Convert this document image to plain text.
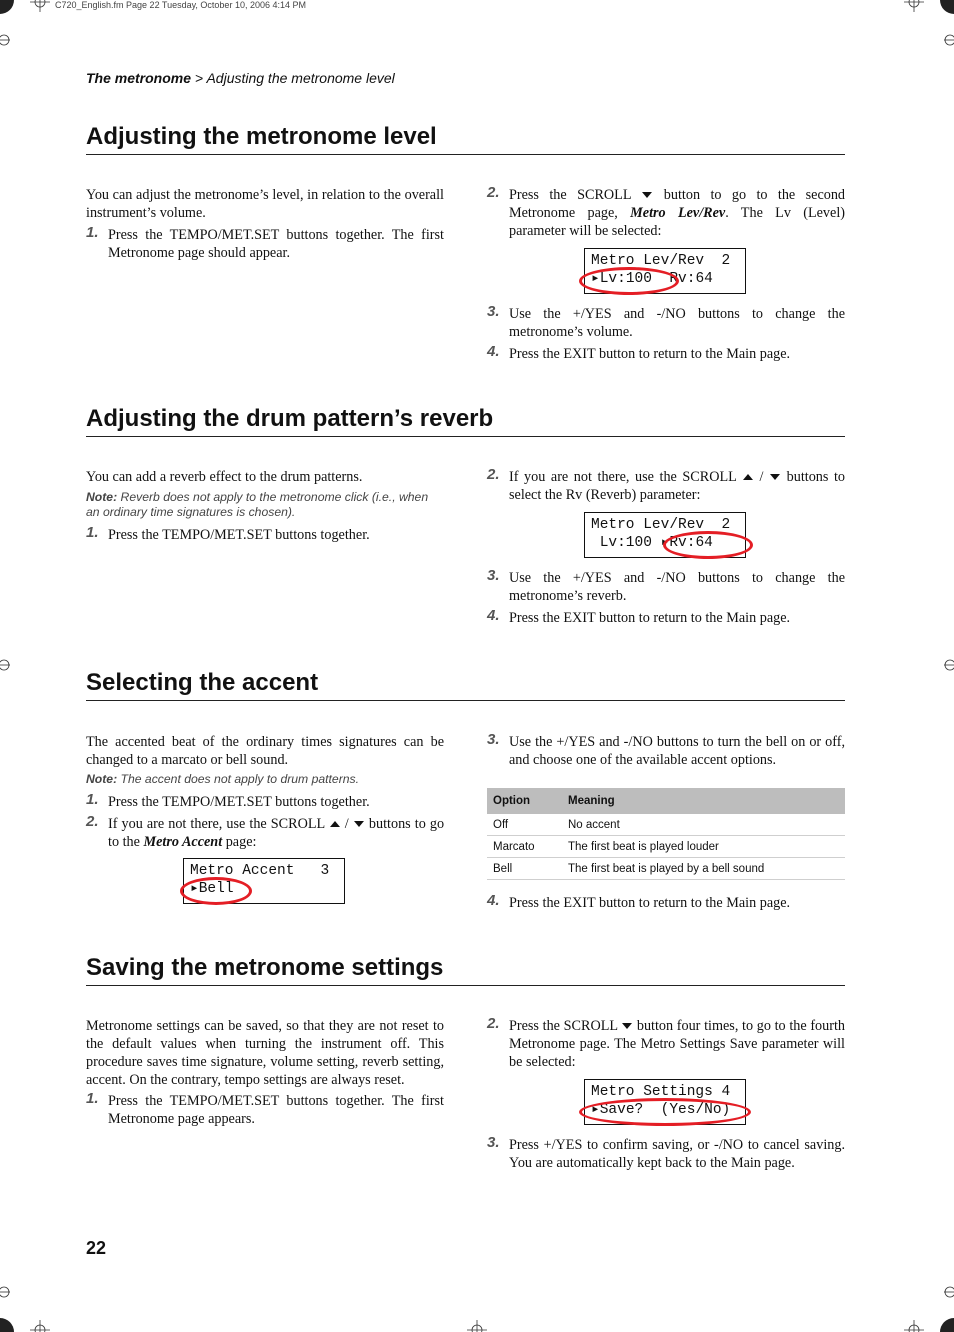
C720_English.fm Page 22 Tuesday, October 10, 2006 4:14 PM
The metronome > Adjusting the metronome level
Adjusting the metronome level
You can adjust the metronome’s level, in relation to the overall instrument’s volume.
1. Press the TEMPO/MET.SET buttons together. The first Metronome page should appear.
2. Press the SCROLL button to go to the second Metronome page, Metro Lev/Rev. The Lv (Level) parameter will be selected:
Metro Lev/Rev  2
▸Lv:100  Rv:64
3. Use the +/YES and -/NO buttons to change the metronome’s volume.
4. Press the EXIT button to return to the Main page.
Adjusting the drum pattern’s reverb
You can add a reverb effect to the drum patterns.
Note: Reverb does not apply to the metronome click (i.e., when an ordinary time signatures is chosen).
1. Press the TEMPO/MET.SET buttons together.
2. If you are not there, use the SCROLL / buttons to select the Rv (Reverb) parameter:
Metro Lev/Rev  2
Lv:100 ▸Rv:64
3. Use the +/YES and -/NO buttons to change the metronome’s reverb.
4. Press the EXIT button to return to the Main page.
Selecting the accent
The accented beat of the ordinary times signatures can be changed to a marcato or bell sound.
Note: The accent does not apply to drum patterns.
1. Press the TEMPO/MET.SET buttons together.
2. If you are not there, use the SCROLL / buttons to go to the Metro Accent page:
Metro Accent   3
▸Bell
3. Use the +/YES and -/NO buttons to turn the bell on or off, and choose one of the available accent options.
Option	Meaning
Off	No accent
Marcato	The first beat is played louder
Bell	The first beat is played by a bell sound
4. Press the EXIT button to return to the Main page.
Saving the metronome settings
Metronome settings can be saved, so that they are not reset to the default values when turning the instrument off. This procedure saves time signature, volume setting, reverb setting, accent. On the contrary, tempo settings are always reset.
1. Press the TEMPO/MET.SET buttons together. The first Metronome page appears.
2. Press the SCROLL button four times, to go to the fourth Metronome page. The Metro Settings Save parameter will be selected:
Metro Settings 4
▸Save?  (Yes/No)
3. Press +/YES to confirm saving, or -/NO to cancel saving. You are automatically kept back to the Main page.
22
